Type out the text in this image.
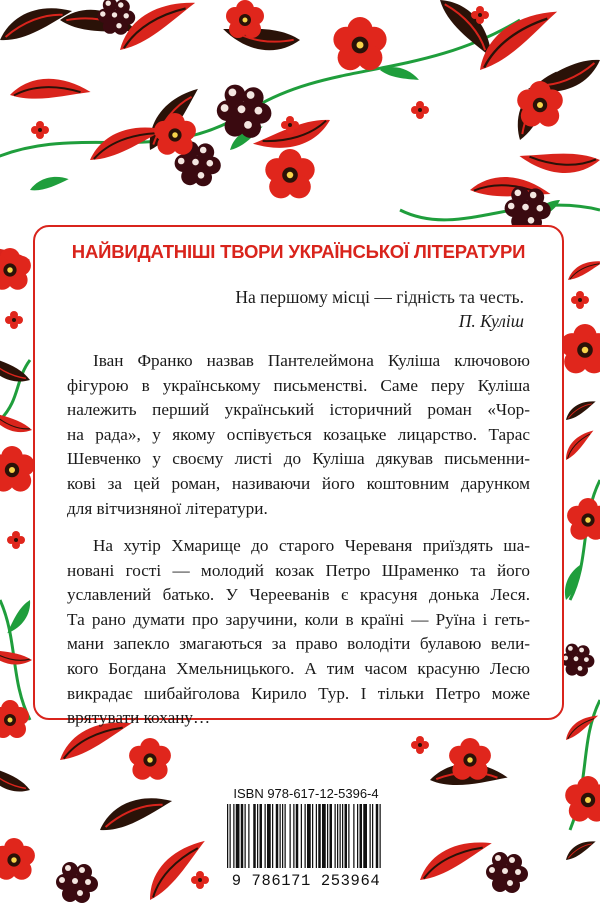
НАЙВИДАТНІШІ ТВОРИ УКРАЇНСЬКОЇ ЛІТЕРАТУРИ
На першому місці — гідність та честь.
П. Куліш
Іван Франко назвав Пантелеймона Куліша ключовою
фігурою в українському письменстві. Саме перу Куліша
належить перший український історичний роман «Чор-
на рада», у якому оспівується козацьке лицарство. Тарас
Шевченко у своєму листі до Куліша дякував письменни-
кові за цей роман, називаючи його коштовним дарунком
для вітчизняної літератури.
На хутір Хмарище до старого Череваня приїздять ша-
новані гості — молодий козак Петро Шраменко та його
уславлений батько. У Черееванів є красуня донька Леся.
Та рано думати про заручини, коли в країні — Руїна і геть-
мани запекло змагаються за право володіти булавою вели-
кого Богдана Хмельницького. А тим часом красуню Лесю
викрадає шибайголова Кирило Тур. І тільки Петро може
врятувати кохану…
ISBN 978-617-12-5396-4
9 786171 253964
